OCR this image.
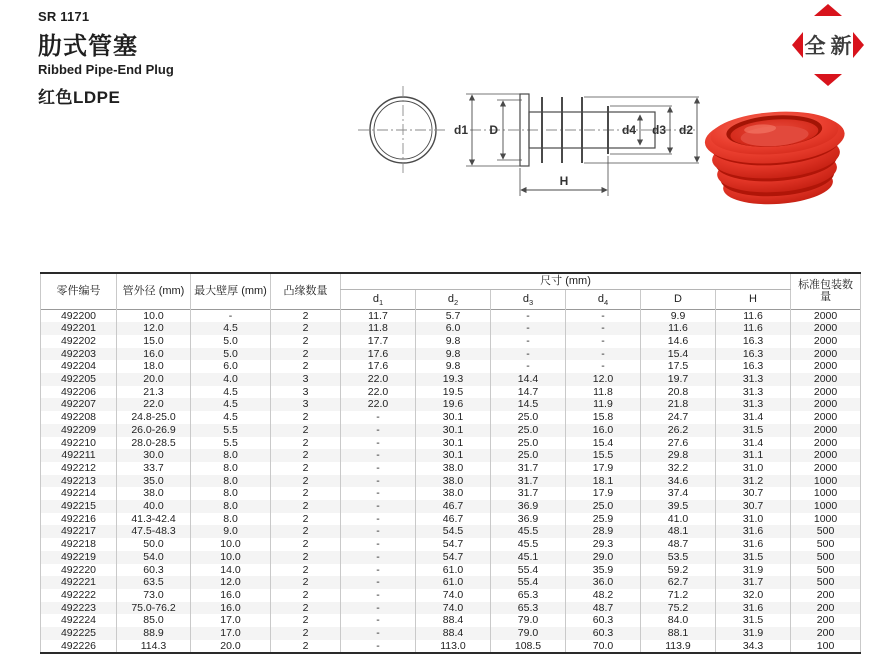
SR 1171
肋式管塞
Ribbed Pipe-End Plug
红色LDPE
全新
d1 D	d4 d3 d2
H
零件编号	管外径 (mm)	最大壁厚 (mm)	凸缘数量	尺寸 (mm)						标准包装数量
				$d_1$	$d_2$	$d_3$	$d_4$	D	H	
492200	10.0	-	2	11.7	5.7	-	-	9.9	11.6	2000
492201	12.0	4.5	2	11.8	6.0	-	-	11.6	11.6	2000
492202	15.0	5.0	2	17.7	9.8	-	-	14.6	16.3	2000
492203	16.0	5.0	2	17.6	9.8	-	-	15.4	16.3	2000
492204	18.0	6.0	2	17.6	9.8	-	-	17.5	16.3	2000
492205	20.0	4.0	3	22.0	19.3	14.4	12.0	19.7	31.3	2000
492206	21.3	4.5	3	22.0	19.5	14.7	11.8	20.8	31.3	2000
492207	22.0	4.5	3	22.0	19.6	14.5	11.9	21.8	31.3	2000
492208	24.8-25.0	4.5	2	-	30.1	25.0	15.8	24.7	31.4	2000
492209	26.0-26.9	5.5	2	-	30.1	25.0	16.0	26.2	31.5	2000
492210	28.0-28.5	5.5	2	-	30.1	25.0	15.4	27.6	31.4	2000
492211	30.0	8.0	2	-	30.1	25.0	15.5	29.8	31.1	2000
492212	33.7	8.0	2	-	38.0	31.7	17.9	32.2	31.0	2000
492213	35.0	8.0	2	-	38.0	31.7	18.1	34.6	31.2	1000
492214	38.0	8.0	2	-	38.0	31.7	17.9	37.4	30.7	1000
492215	40.0	8.0	2	-	46.7	36.9	25.0	39.5	30.7	1000
492216	41.3-42.4	8.0	2	-	46.7	36.9	25.9	41.0	31.0	1000
492217	47.5-48.3	9.0	2	-	54.5	45.5	28.9	48.1	31.6	500
492218	50.0	10.0	2	-	54.7	45.5	29.3	48.7	31.6	500
492219	54.0	10.0	2	-	54.7	45.1	29.0	53.5	31.5	500
492220	60.3	14.0	2	-	61.0	55.4	35.9	59.2	31.9	500
492221	63.5	12.0	2	-	61.0	55.4	36.0	62.7	31.7	500
492222	73.0	16.0	2	-	74.0	65.3	48.2	71.2	32.0	200
492223	75.0-76.2	16.0	2	-	74.0	65.3	48.7	75.2	31.6	200
492224	85.0	17.0	2	-	88.4	79.0	60.3	84.0	31.5	200
492225	88.9	17.0	2	-	88.4	79.0	60.3	88.1	31.9	200
492226	114.3	20.0	2	-	113.0	108.5	70.0	113.9	34.3	100
